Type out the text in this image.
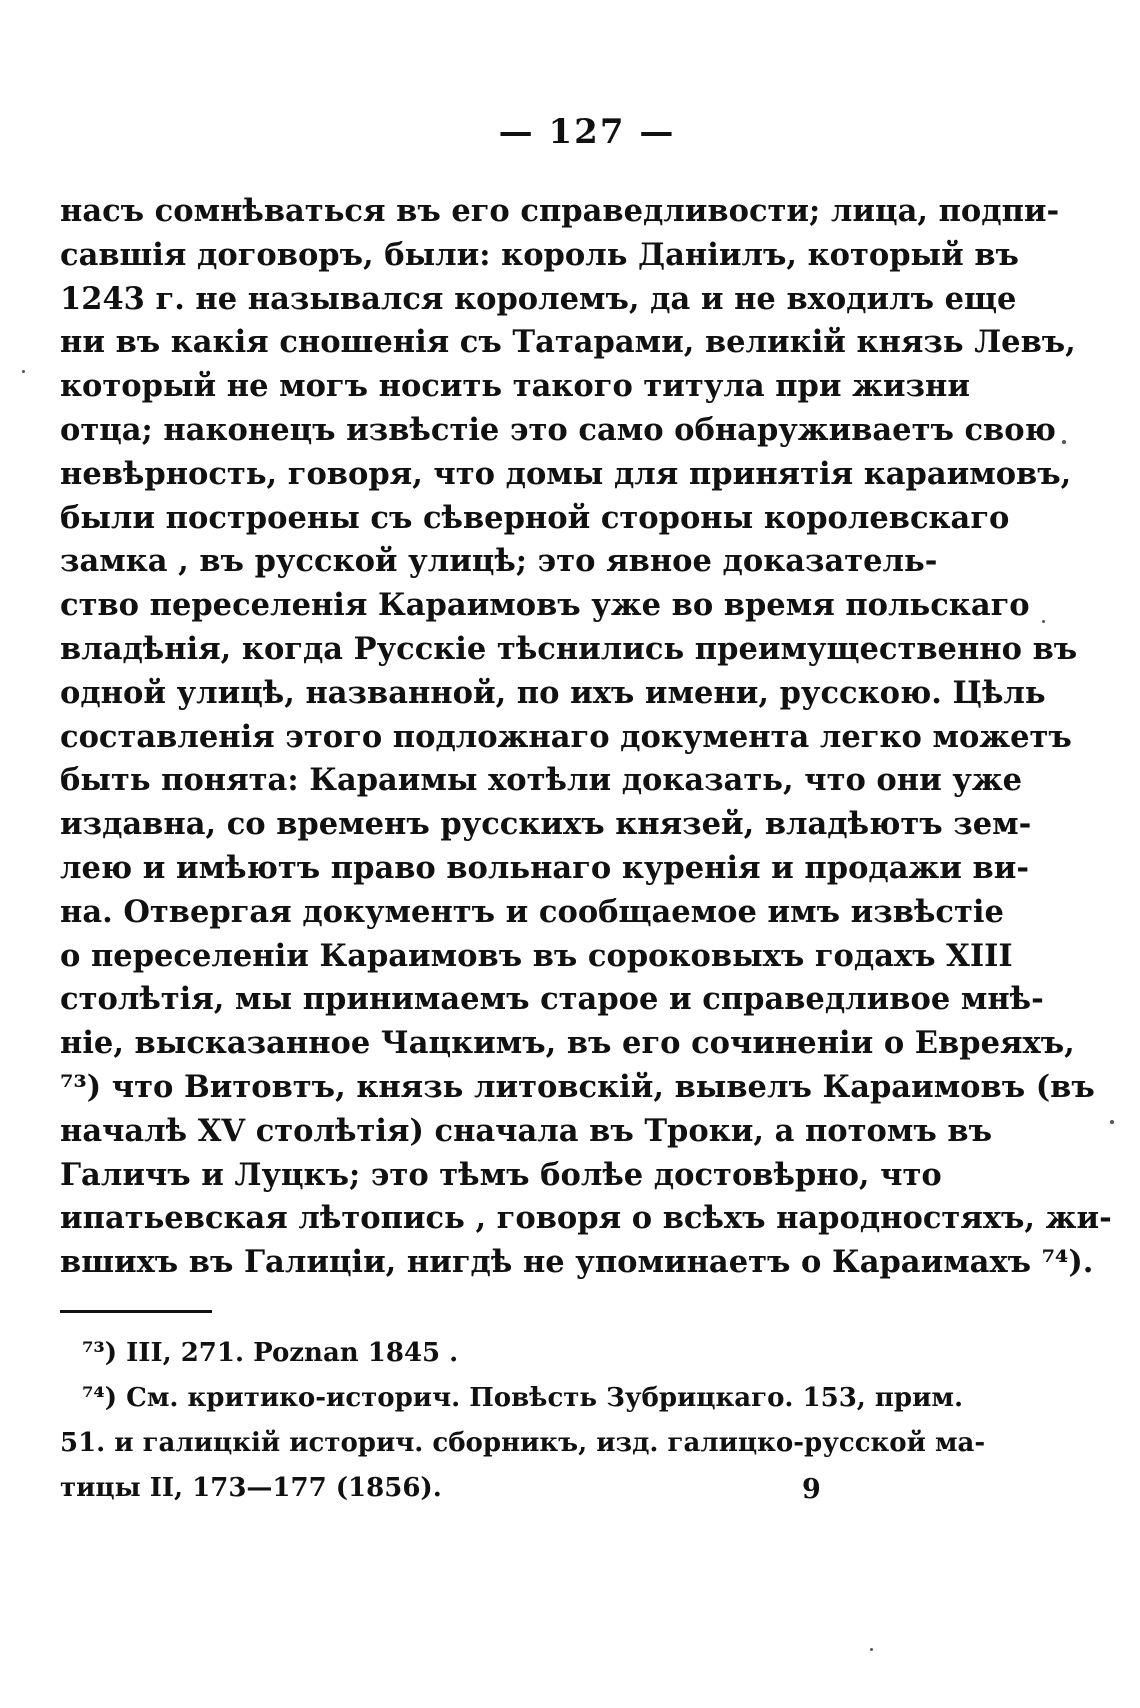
— 127 —
насъ сомнѣваться въ его справедливости; лица, подпи-
савшія договоръ, были: король Даніилъ, который въ
1243 г. не назывался королемъ, да и не входилъ еще
ни въ какія сношенія съ Татарами, великій князь Левъ,
который не могъ носить такого титула при жизни
отца; наконецъ извѣстіе это само обнаруживаетъ свою
невѣрность, говоря, что домы для принятія караимовъ,
были построены съ сѣверной стороны королевскаго
замка , въ русской улицѣ; это явное доказатель-
ство переселенія Караимовъ уже во время польскаго
владѣнія, когда Русскіе тѣснились преимущественно въ
одной улицѣ, названной, по ихъ имени, русскою. Цѣль
составленія этого подложнаго документа легко можетъ
быть понята: Караимы хотѣли доказать, что они уже
издавна, со временъ русскихъ князей, владѣютъ зем-
лею и имѣютъ право вольнаго куренія и продажи ви-
на. Отвергая документъ и сообщаемое имъ извѣстіе
о переселеніи Караимовъ въ сороковыхъ годахъ XIII
столѣтія, мы принимаемъ старое и справедливое мнѣ-
ніе, высказанное Чацкимъ, въ его сочиненіи о Евреяхъ,
⁷³) что Витовтъ, князь литовскій, вывелъ Караимовъ (въ
началѣ XV столѣтія) сначала въ Троки, а потомъ въ
Галичъ и Луцкъ; это тѣмъ болѣе достовѣрно, что
ипатьевская лѣтопись , говоря о всѣхъ народностяхъ, жи-
вшихъ въ Галиціи, нигдѣ не упоминаетъ о Караимахъ ⁷⁴).
⁷³) III, 271. Poznan 1845 .
⁷⁴) См. критико-историч. Повѣсть Зубрицкаго. 153, прим.
51. и галицкій историч. сборникъ, изд. галицко-русской ма-
тицы II, 173—177 (1856).	9
